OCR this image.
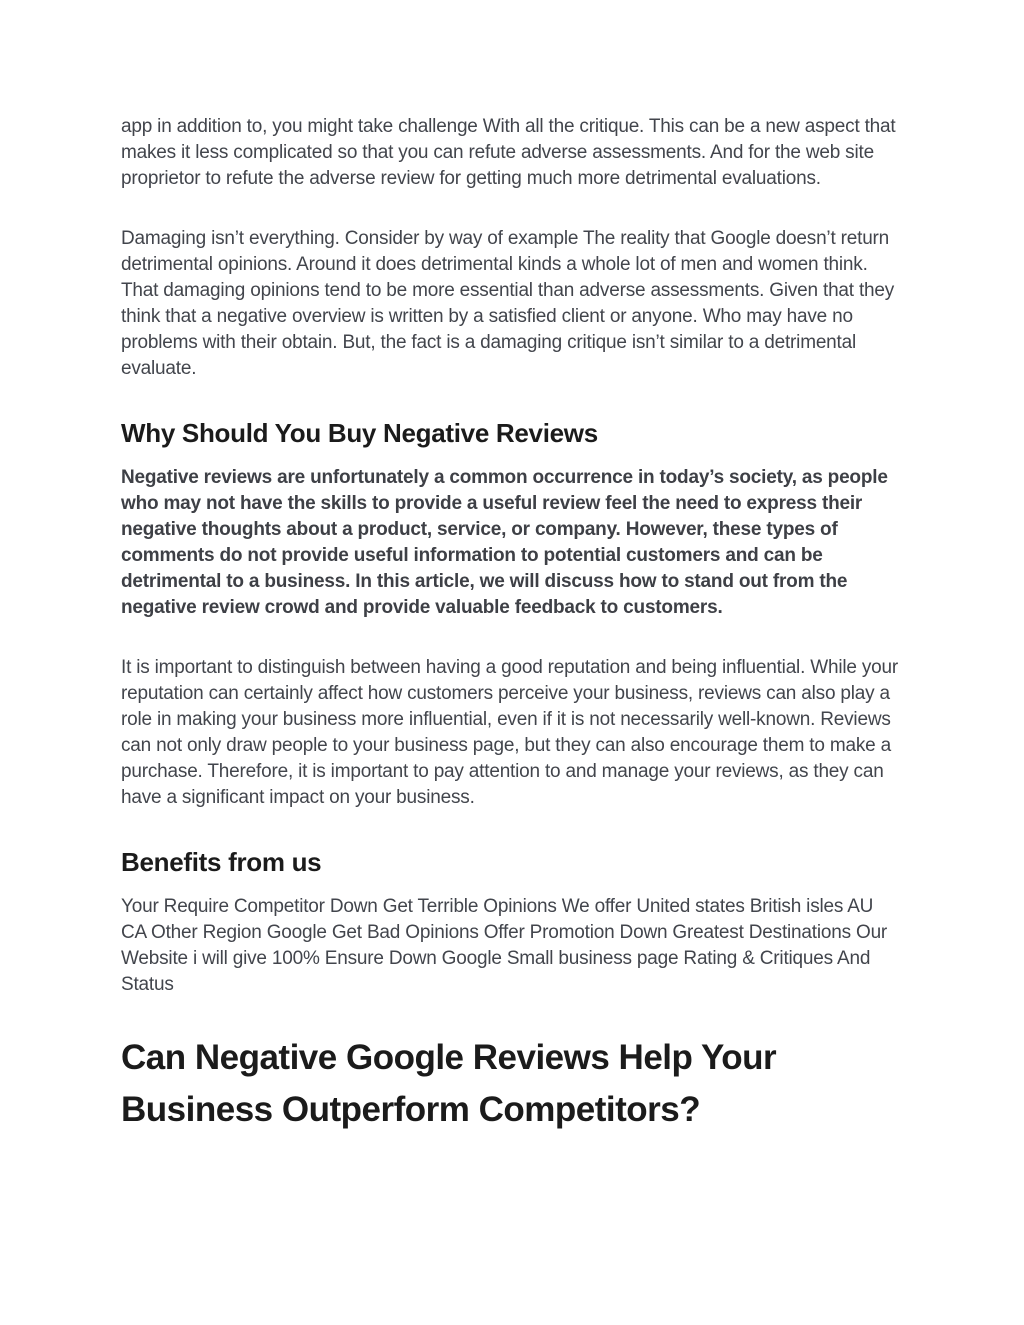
app in addition to, you might take challenge With all the critique. This can be a new aspect that makes it less complicated so that you can refute adverse assessments. And for the web site proprietor to refute the adverse review for getting much more detrimental evaluations.

Damaging isn’t everything. Consider by way of example The reality that Google doesn’t return detrimental opinions. Around it does detrimental kinds a whole lot of men and women think. That damaging opinions tend to be more essential than adverse assessments. Given that they think that a negative overview is written by a satisfied client or anyone. Who may have no problems with their obtain. But, the fact is a damaging critique isn’t similar to a detrimental evaluate.

Why Should You Buy Negative Reviews

Negative reviews are unfortunately a common occurrence in today’s society, as people who may not have the skills to provide a useful review feel the need to express their negative thoughts about a product, service, or company. However, these types of comments do not provide useful information to potential customers and can be detrimental to a business. In this article, we will discuss how to stand out from the negative review crowd and provide valuable feedback to customers.

It is important to distinguish between having a good reputation and being influential. While your reputation can certainly affect how customers perceive your business, reviews can also play a role in making your business more influential, even if it is not necessarily well-known. Reviews can not only draw people to your business page, but they can also encourage them to make a purchase. Therefore, it is important to pay attention to and manage your reviews, as they can have a significant impact on your business.

Benefits from us

Your Require Competitor Down Get Terrible Opinions We offer United states British isles AU CA Other Region Google Get Bad Opinions Offer Promotion Down Greatest Destinations Our Website i will give 100% Ensure Down Google Small business page Rating & Critiques And Status

Can Negative Google Reviews Help Your Business Outperform Competitors?
